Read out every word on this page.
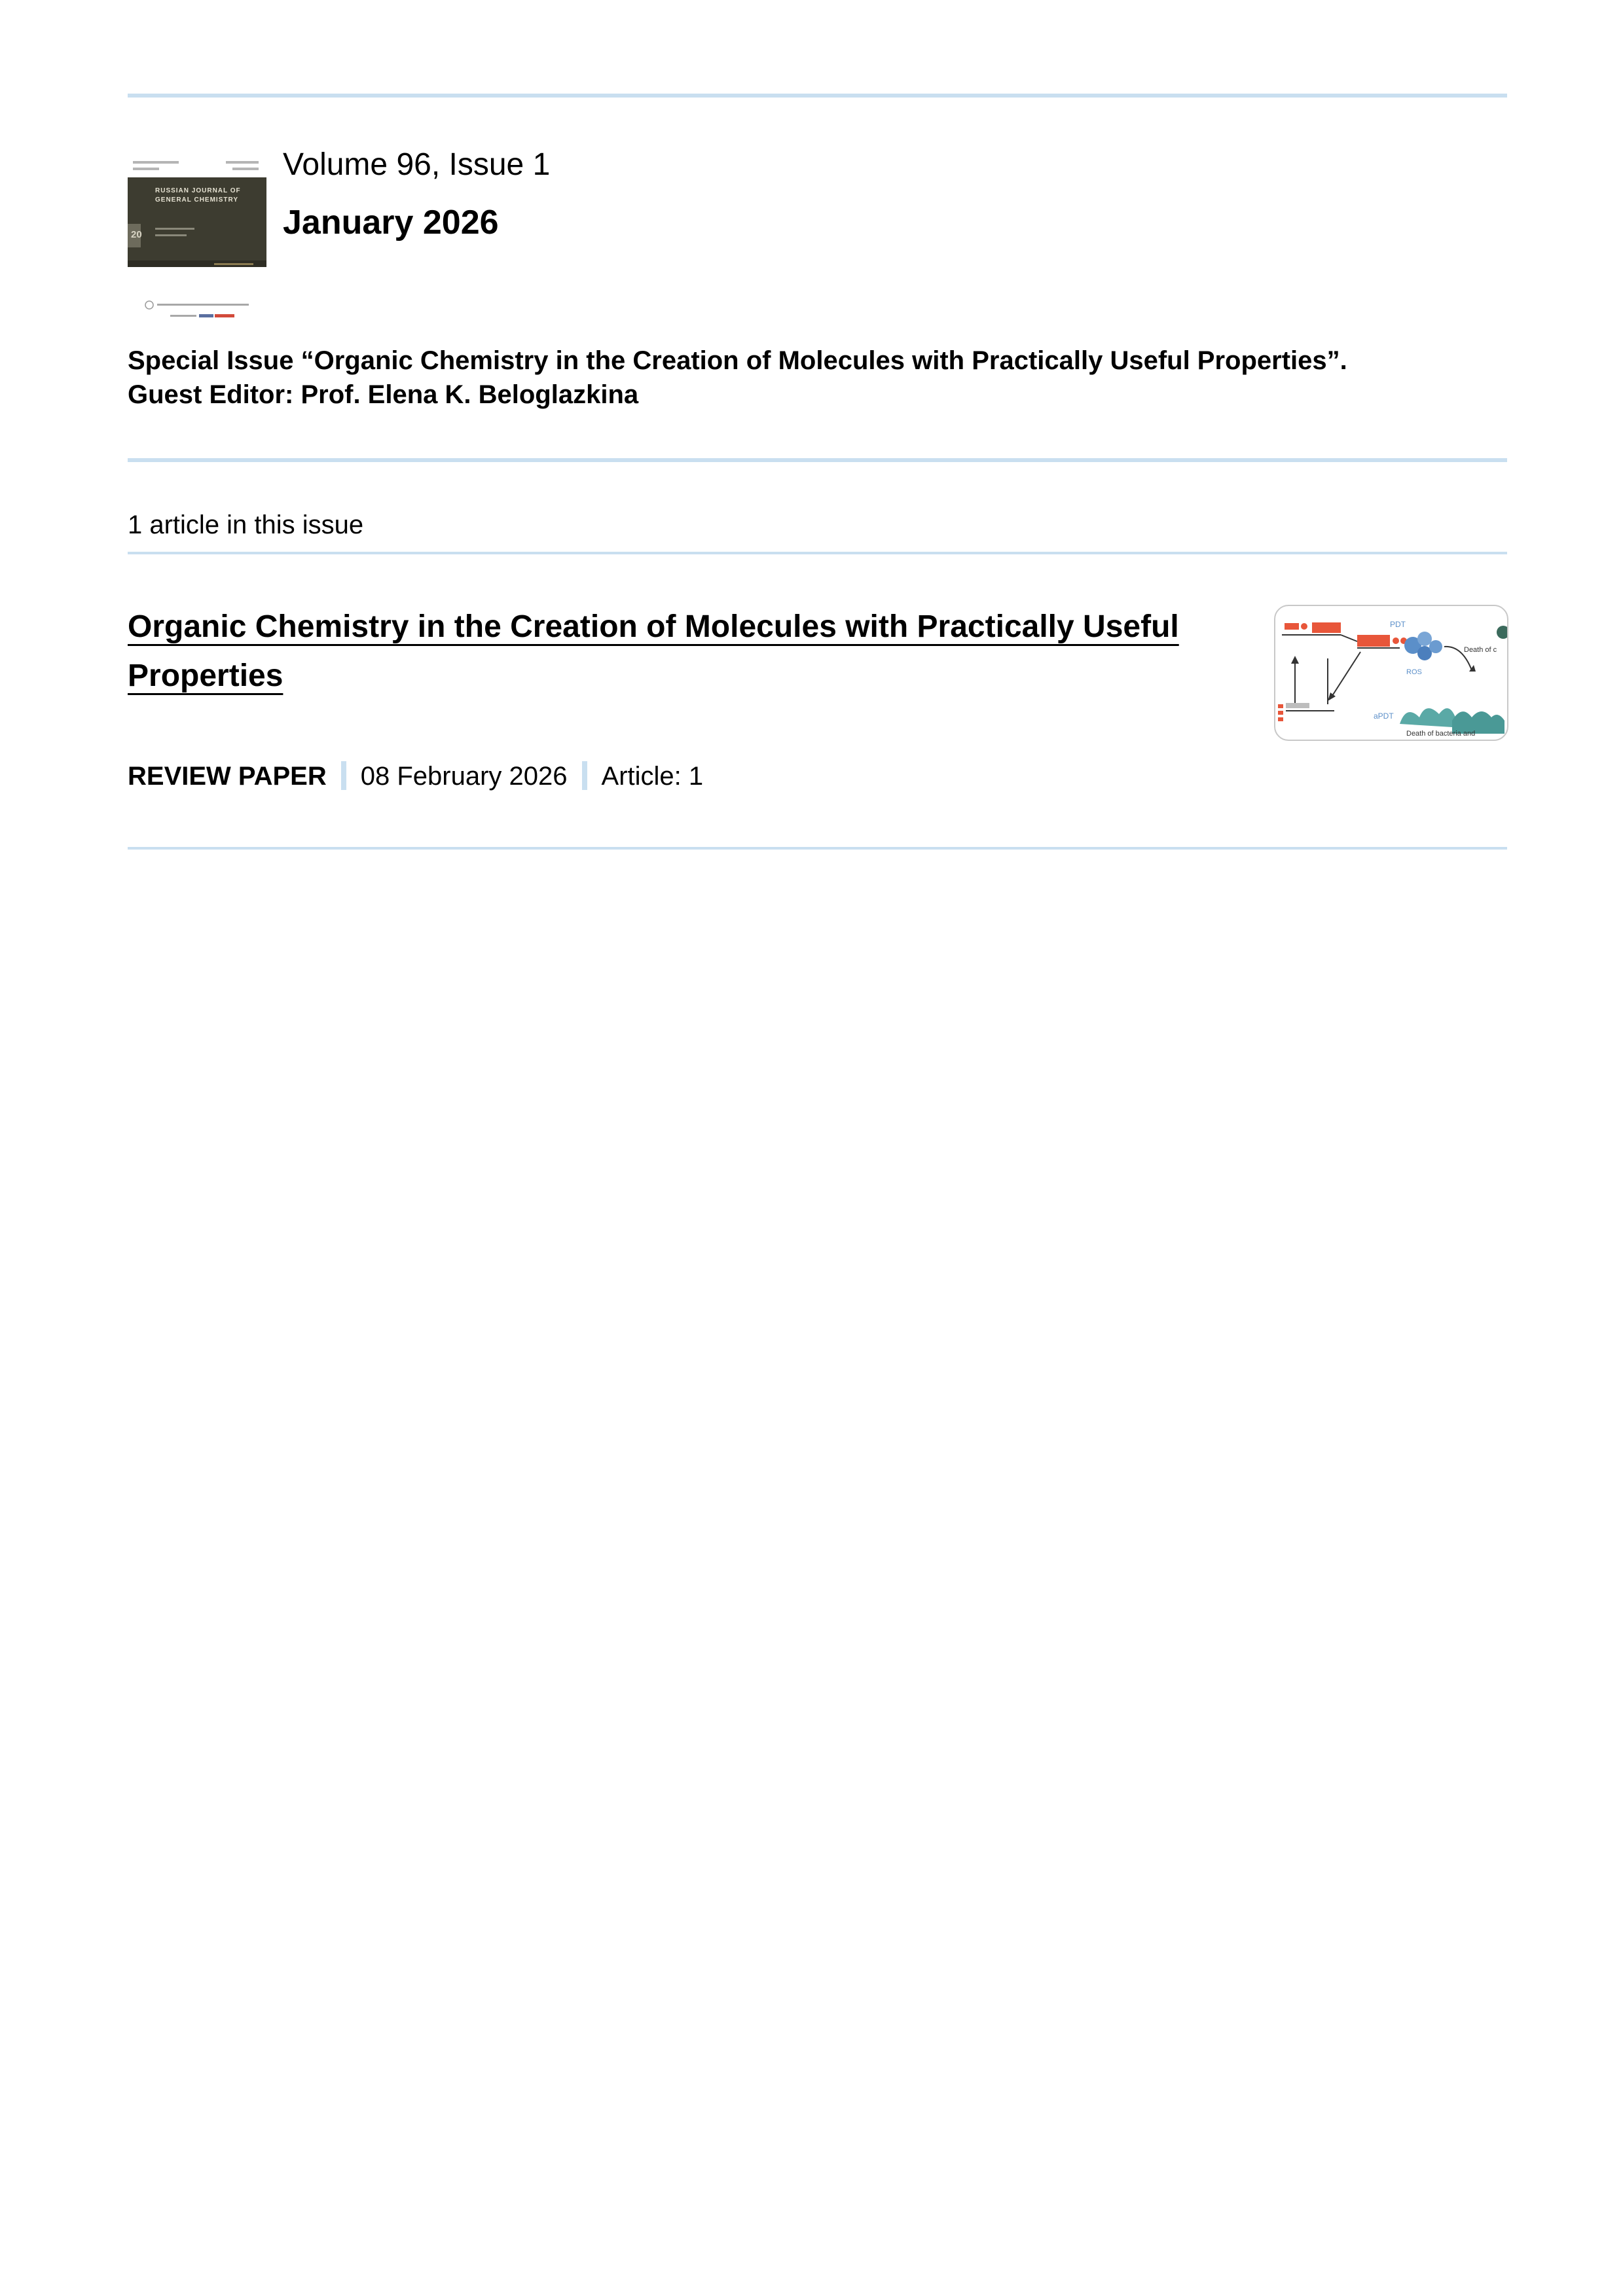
RUSSIAN JOURNAL OF
GENERAL CHEMISTRY
20
Volume 96, Issue 1
January 2026
Special Issue “Organic Chemistry in the Creation of Molecules with Practically Useful Properties”.
Guest Editor: Prof. Elena K. Beloglazkina
1 article in this issue
Organic Chemistry in the Creation of Molecules with Practically Useful Properties
PDT
ROS
Death of c
aPDT
Death of bacteria and
REVIEW PAPER 08 February 2026 Article: 1
